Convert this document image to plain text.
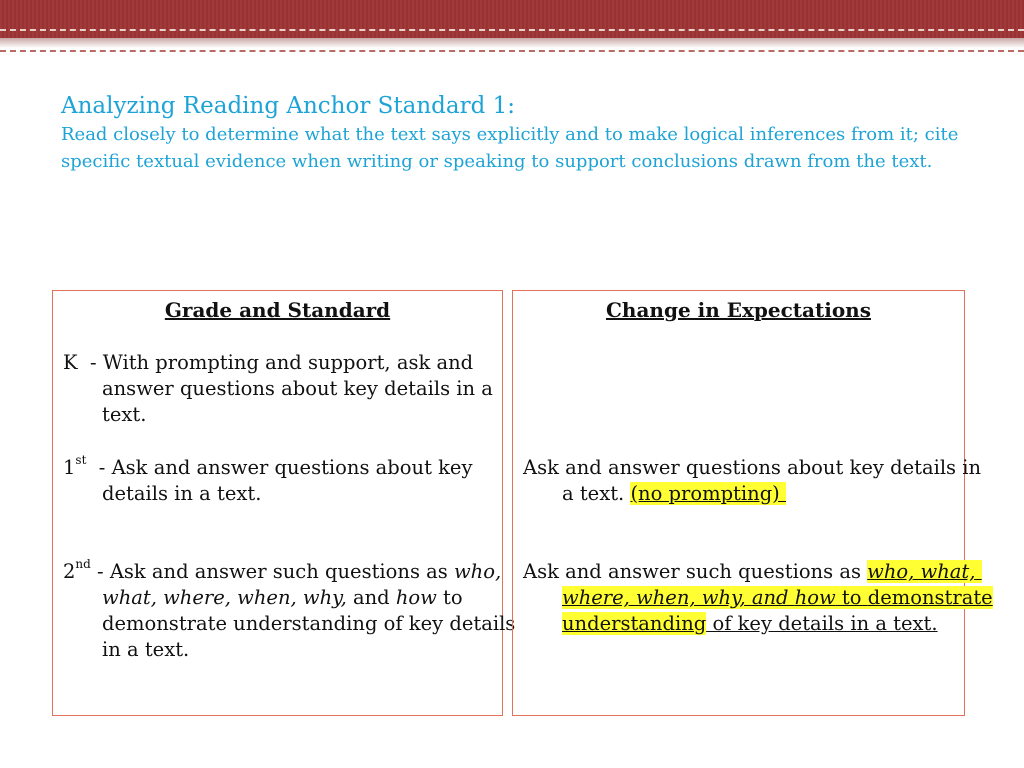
Analyzing Reading Anchor Standard 1:
Read closely to determine what the text says explicitly and to make logical inferences from it; cite specific textual evidence when writing or speaking to support conclusions drawn from the text.
Grade and Standard
K  - With prompting and support, ask and answer questions about key details in a text.
1st  - Ask and answer questions about key details in a text.
2nd - Ask and answer such questions as who, what, where, when, why, and how to demonstrate understanding of key details in a text.
Change in Expectations
Ask and answer questions about key details in a text. (no prompting)
Ask and answer such questions as who, what, where, when, why, and how to demonstrate understanding of key details in a text.
